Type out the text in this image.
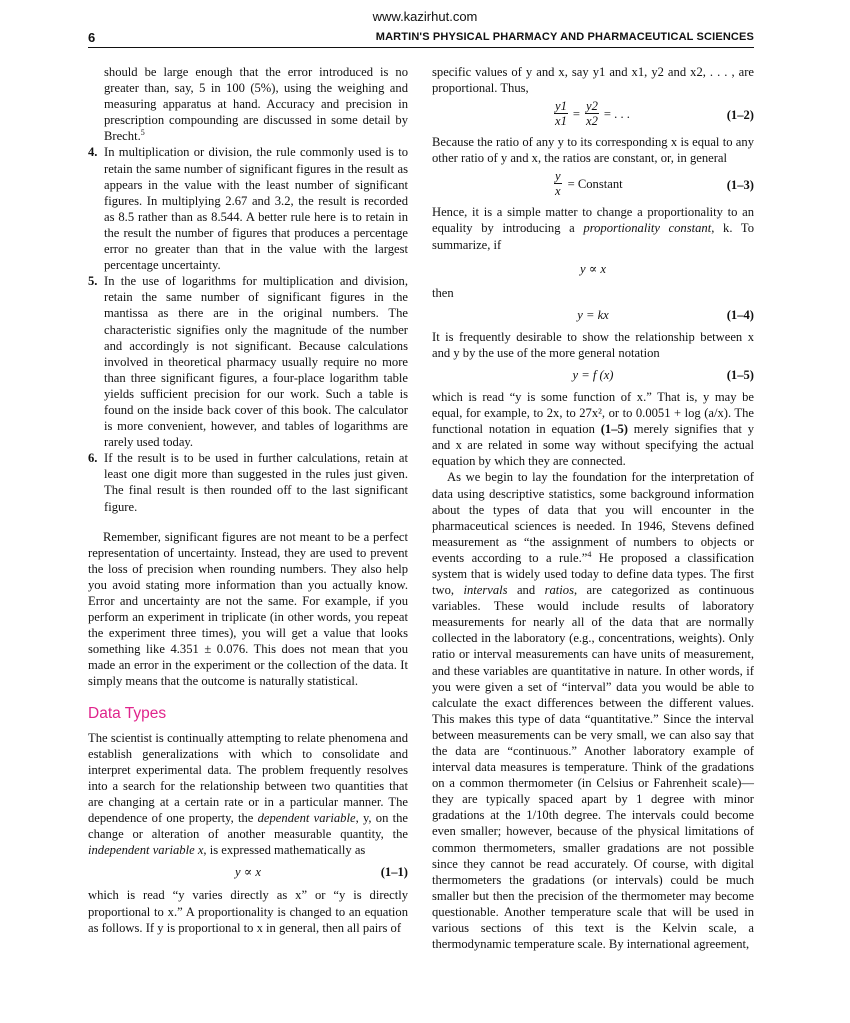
www.kazirhut.com
6	MARTIN'S PHYSICAL PHARMACY AND PHARMACEUTICAL SCIENCES

should be large enough that the error introduced is no greater than, say, 5 in 100 (5%), using the weighing and measuring apparatus at hand. Accuracy and precision in prescription compounding are discussed in some detail by Brecht.$^5$

4. In multiplication or division, the rule commonly used is to retain the same number of significant figures in the result as appears in the value with the least number of significant figures. In multiplying 2.67 and 3.2, the result is recorded as 8.5 rather than as 8.544. A better rule here is to retain in the result the number of figures that produces a percentage error no greater than that in the value with the largest percentage uncertainty.
5. In the use of logarithms for multiplication and division, retain the same number of significant figures in the mantissa as there are in the original numbers. The characteristic signifies only the magnitude of the number and accordingly is not significant. Because calculations involved in theoretical pharmacy usually require no more than three significant figures, a four-place logarithm table yields sufficient precision for our work. Such a table is found on the inside back cover of this book. The calculator is more convenient, however, and tables of logarithms are rarely used today.
6. If the result is to be used in further calculations, retain at least one digit more than suggested in the rules just given. The final result is then rounded off to the last significant figure.

Remember, significant figures are not meant to be a perfect representation of uncertainty. Instead, they are used to prevent the loss of precision when rounding numbers. They also help you avoid stating more information than you actually know. Error and uncertainty are not the same. For example, if you perform an experiment in triplicate (in other words, you repeat the experiment three times), you will get a value that looks something like 4.351 ± 0.076. This does not mean that you made an error in the experiment or the collection of the data. It simply means that the outcome is naturally statistical.

Data Types

The scientist is continually attempting to relate phenomena and establish generalizations with which to consolidate and interpret experimental data. The problem frequently resolves into a search for the relationship between two quantities that are changing at a certain rate or in a particular manner. The dependence of one property, the dependent variable, y, on the change or alteration of another measurable quantity, the independent variable x, is expressed mathematically as

y ∝ x	(1–1)

which is read “y varies directly as x” or “y is directly proportional to x.” A proportionality is changed to an equation as follows. If y is proportional to x in general, then all pairs of

specific values of y and x, say y1 and x1, y2 and x2, . . . , are proportional. Thus,

$\frac{y1}{x1} = \frac{y2}{x2}$ = . . .	(1–2)

Because the ratio of any y to its corresponding x is equal to any other ratio of y and x, the ratios are constant, or, in general

$\frac{y}{x}$ = Constant	(1–3)

Hence, it is a simple matter to change a proportionality to an equality by introducing a proportionality constant, k. To summarize, if

y ∝ x

then

y = kx	(1–4)

It is frequently desirable to show the relationship between x and y by the use of the more general notation

y = f (x)	(1–5)

which is read “y is some function of x.” That is, y may be equal, for example, to 2x, to 27x², or to 0.0051 + log (a/x). The functional notation in equation (1–5) merely signifies that y and x are related in some way without specifying the actual equation by which they are connected.

As we begin to lay the foundation for the interpretation of data using descriptive statistics, some background information about the types of data that you will encounter in the pharmaceutical sciences is needed. In 1946, Stevens defined measurement as “the assignment of numbers to objects or events according to a rule.”$^4$ He proposed a classification system that is widely used today to define data types. The first two, intervals and ratios, are categorized as continuous variables. These would include results of laboratory measurements for nearly all of the data that are normally collected in the laboratory (e.g., concentrations, weights). Only ratio or interval measurements can have units of measurement, and these variables are quantitative in nature. In other words, if you were given a set of “interval” data you would be able to calculate the exact differences between the different values. This makes this type of data “quantitative.” Since the interval between measurements can be very small, we can also say that the data are “continuous.” Another laboratory example of interval data measures is temperature. Think of the gradations on a common thermometer (in Celsius or Fahrenheit scale)—they are typically spaced apart by 1 degree with minor gradations at the 1/10th degree. The intervals could become even smaller; however, because of the physical limitations of common thermometers, smaller gradations are not possible since they cannot be read accurately. Of course, with digital thermometers the gradations (or intervals) could be much smaller but then the precision of the thermometer may become questionable. Another temperature scale that will be used in various sections of this text is the Kelvin scale, a thermodynamic temperature scale. By international agreement,
